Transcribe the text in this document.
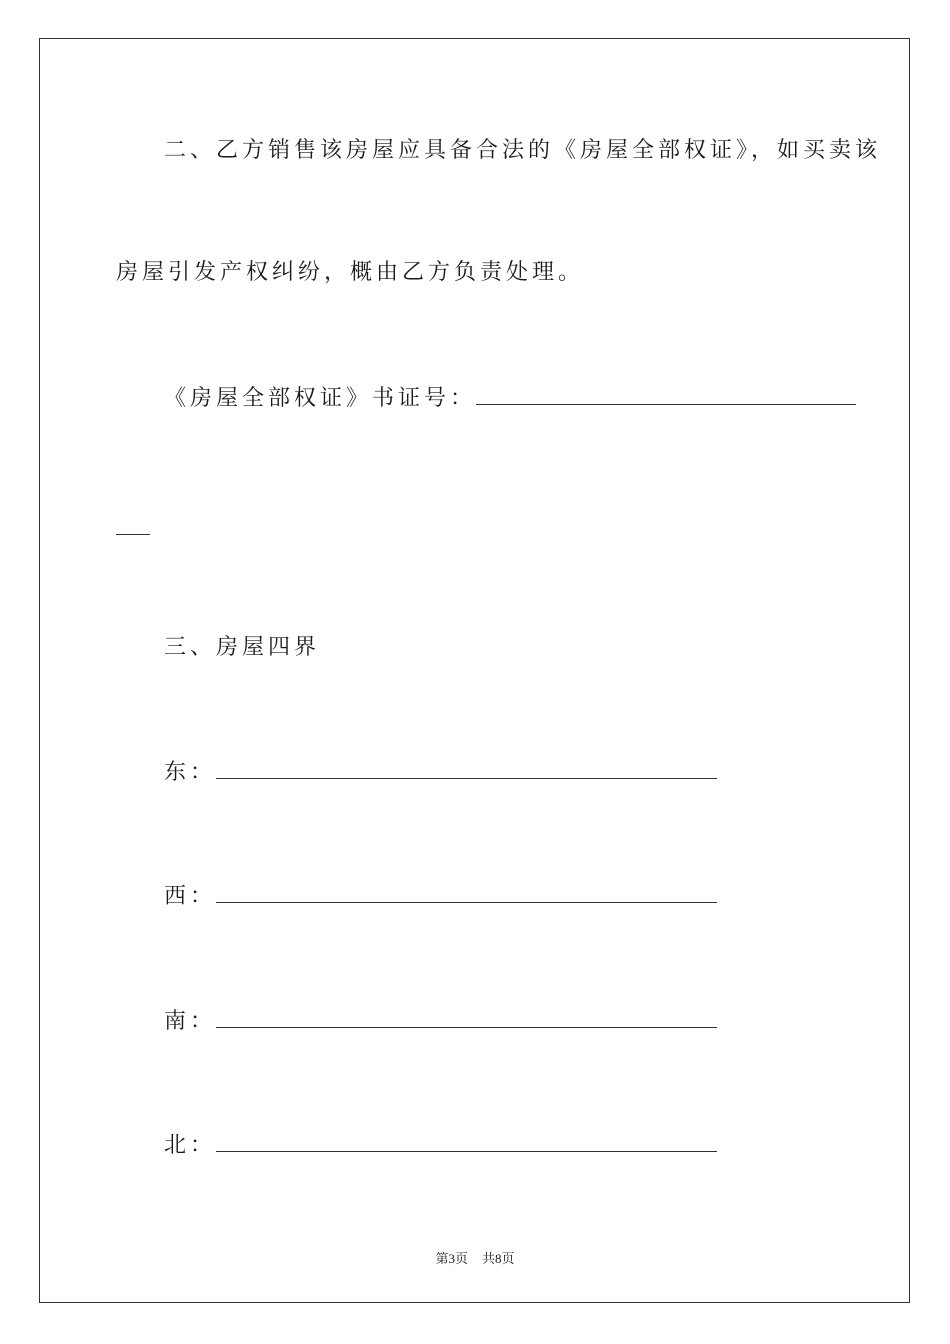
二、乙方销售该房屋应具备合法的《房屋全部权证》，如买卖该
房屋引发产权纠纷，概由乙方负责处理。
《房屋全部权证》书证号：
三、房屋四界
东：
西：
南：
北：
第3页 共8页
